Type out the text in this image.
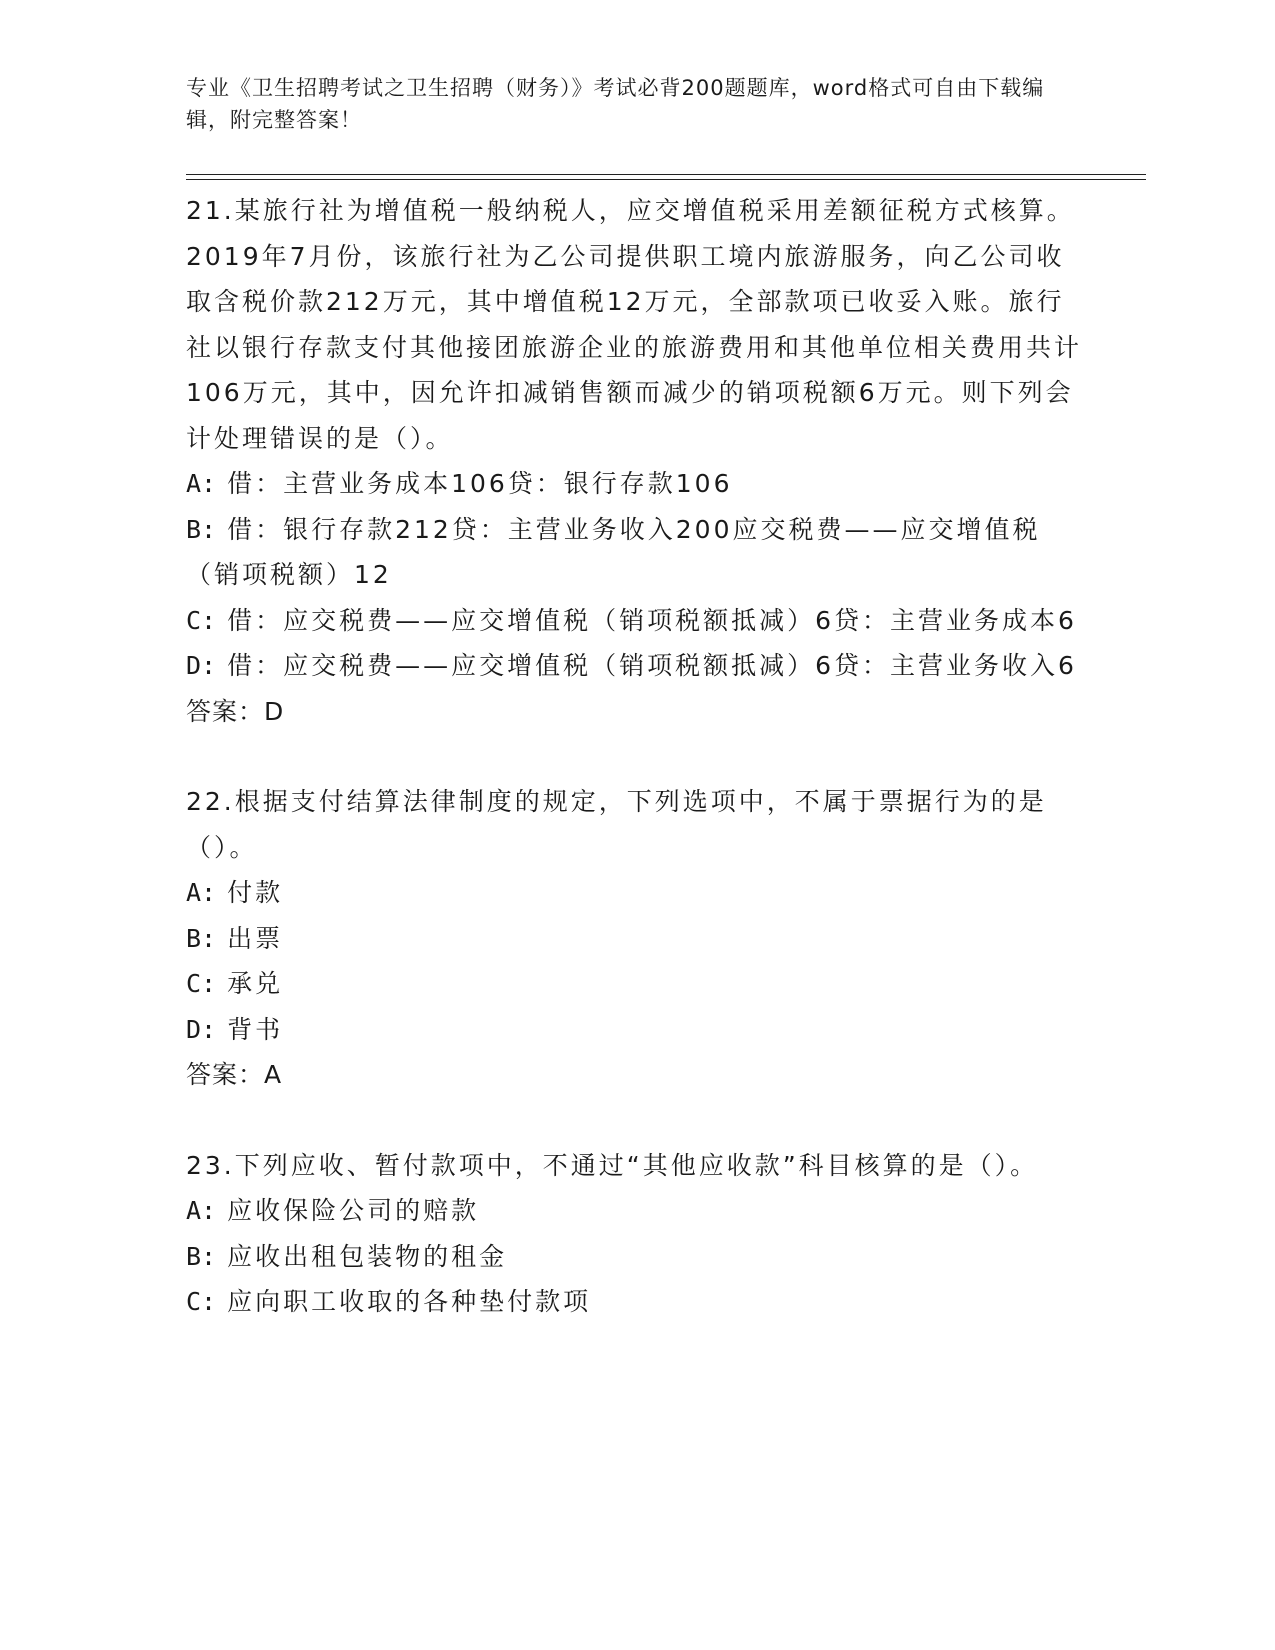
专业《卫生招聘考试之卫生招聘（财务）》考试必背200题题库，word格式可自由下载编辑，附完整答案！

21.某旅行社为增值税一般纳税人，应交增值税采用差额征税方式核算。2019年7月份，该旅行社为乙公司提供职工境内旅游服务，向乙公司收取含税价款212万元，其中增值税12万元，全部款项已收妥入账。旅行社以银行存款支付其他接团旅游企业的旅游费用和其他单位相关费用共计106万元，其中，因允许扣减销售额而减少的销项税额6万元。则下列会计处理错误的是（）。

A: 借：主营业务成本106贷：银行存款106

B: 借：银行存款212贷：主营业务收入200应交税费——应交增值税（销项税额）12

C: 借：应交税费——应交增值税（销项税额抵减）6贷：主营业务成本6

D: 借：应交税费——应交增值税（销项税额抵减）6贷：主营业务收入6

答案：D

22.根据支付结算法律制度的规定，下列选项中，不属于票据行为的是（）。

A: 付款

B: 出票

C: 承兑

D: 背书

答案：A

23.下列应收、暂付款项中，不通过“其他应收款”科目核算的是（）。

A: 应收保险公司的赔款

B: 应收出租包装物的租金

C: 应向职工收取的各种垫付款项
